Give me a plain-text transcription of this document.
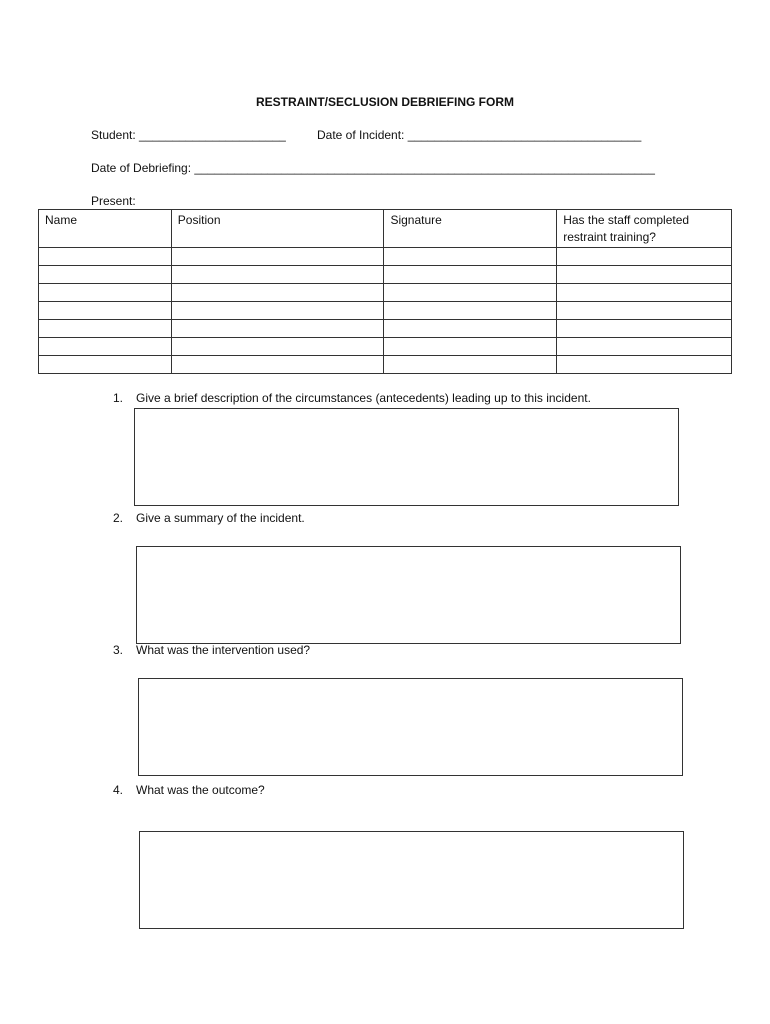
RESTRAINT/SECLUSION DEBRIEFING FORM
Student: ______________________	Date of Incident: ___________________________________
Date of Debriefing: _____________________________________________________________________
Present:
Name	Position	Signature	Has the staff completed restraint training?

1.	Give a brief description of the circumstances (antecedents) leading up to this incident.
2.	Give a summary of the incident.
3.	What was the intervention used?
4.	What was the outcome?
